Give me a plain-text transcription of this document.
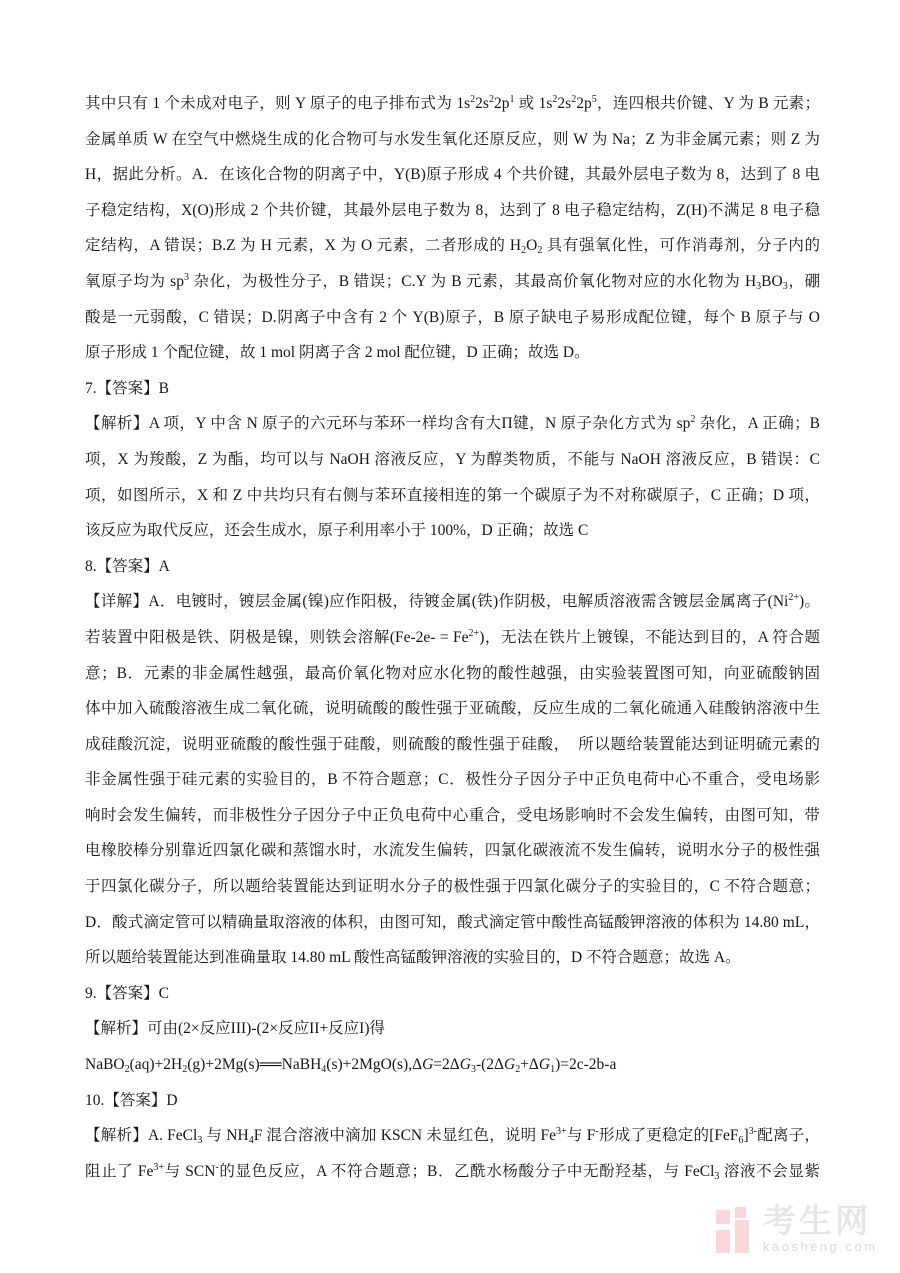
其中只有 1 个未成对电子，则 Y 原子的电子排布式为 $1s^22s^22p^1$ 或 $1s^22s^22p^5$，连四根共价键、Y 为 B 元素；
金属单质 W 在空气中燃烧生成的化合物可与水发生氧化还原反应，则 W 为 Na；Z 为非金属元素；则 Z 为
H，据此分析。A．在该化合物的阴离子中，Y(B)原子形成 4 个共价键，其最外层电子数为 8，达到了 8 电
子稳定结构，X(O)形成 2 个共价键，其最外层电子数为 8，达到了 8 电子稳定结构，Z(H)不满足 8 电子稳
定结构，A 错误；B.Z 为 H 元素，X 为 O 元素，二者形成的 $H_2O_2$ 具有强氧化性，可作消毒剂，分子内的
氧原子均为 $sp^3$ 杂化，为极性分子，B 错误；C.Y 为 B 元素，其最高价氧化物对应的水化物为 $H_3BO_3$，硼
酸是一元弱酸，C 错误；D.阴离子中含有 2 个 Y(B)原子，B 原子缺电子易形成配位键，每个 B 原子与 O
原子形成 1 个配位键，故 1 mol 阴离子含 2 mol 配位键，D 正确；故选 D。
7.【答案】B
【解析】A 项，Y 中含 N 原子的六元环与苯环一样均含有大Π键，N 原子杂化方式为 $sp^2$ 杂化，A 正确；B
项，X 为羧酸，Z 为酯，均可以与 NaOH 溶液反应，Y 为醇类物质，不能与 NaOH 溶液反应，B 错误：C
项，如图所示，X 和 Z 中共均只有右侧与苯环直接相连的第一个碳原子为不对称碳原子，C 正确；D 项，
该反应为取代反应，还会生成水，原子利用率小于 100%，D 正确；故选 C
8.【答案】A
【详解】A．电镀时，镀层金属(镍)应作阳极，待镀金属(铁)作阴极，电解质溶液需含镀层金属离子$(Ni^{2+})$。
若装置中阳极是铁、阴极是镍，则铁会溶解$(Fe-2e- = Fe^{2+})$，无法在铁片上镀镍，不能达到目的，A 符合题
意；B．元素的非金属性越强，最高价氧化物对应水化物的酸性越强，由实验装置图可知，向亚硫酸钠固
体中加入硫酸溶液生成二氧化硫，说明硫酸的酸性强于亚硫酸，反应生成的二氧化硫通入硅酸钠溶液中生
成硅酸沉淀，说明亚硫酸的酸性强于硅酸，则硫酸的酸性强于硅酸，　所以题给装置能达到证明硫元素的
非金属性强于硅元素的实验目的，B 不符合题意；C．极性分子因分子中正负电荷中心不重合，受电场影
响时会发生偏转，而非极性分子因分子中正负电荷中心重合，受电场影响时不会发生偏转，由图可知，带
电橡胶棒分别靠近四氯化碳和蒸馏水时，水流发生偏转，四氯化碳液流不发生偏转，说明水分子的极性强
于四氯化碳分子，所以题给装置能达到证明水分子的极性强于四氯化碳分子的实验目的，C 不符合题意；
D．酸式滴定管可以精确量取溶液的体积，由图可知，酸式滴定管中酸性高锰酸钾溶液的体积为 14.80 mL，
所以题给装置能达到准确量取 14.80 mL 酸性高锰酸钾溶液的实验目的，D 不符合题意；故选 A。
9.【答案】C
【解析】可由(2×反应III)-(2×反应II+反应I)得
$NaBO_2(aq)+2H_2(g)+2Mg(s)══NaBH_4(s)+2MgO(s),\Delta G=2\Delta G_3-(2\Delta G_2+\Delta G_1)=2c-2b-a$
10.【答案】D
【解析】A. FeCl$_3$ 与 $NH_4F$ 混合溶液中滴加 KSCN 未显红色，说明 $Fe^{3+}$与 F-形成了更稳定的$[FeF_6]^{3-}$配离子，
阻止了 $Fe^{3+}$与 SCN-的显色反应，A 不符合题意；B．乙酰水杨酸分子中无酚羟基，与 FeCl$_3$ 溶液不会显紫
考生网
kaosheng.com
